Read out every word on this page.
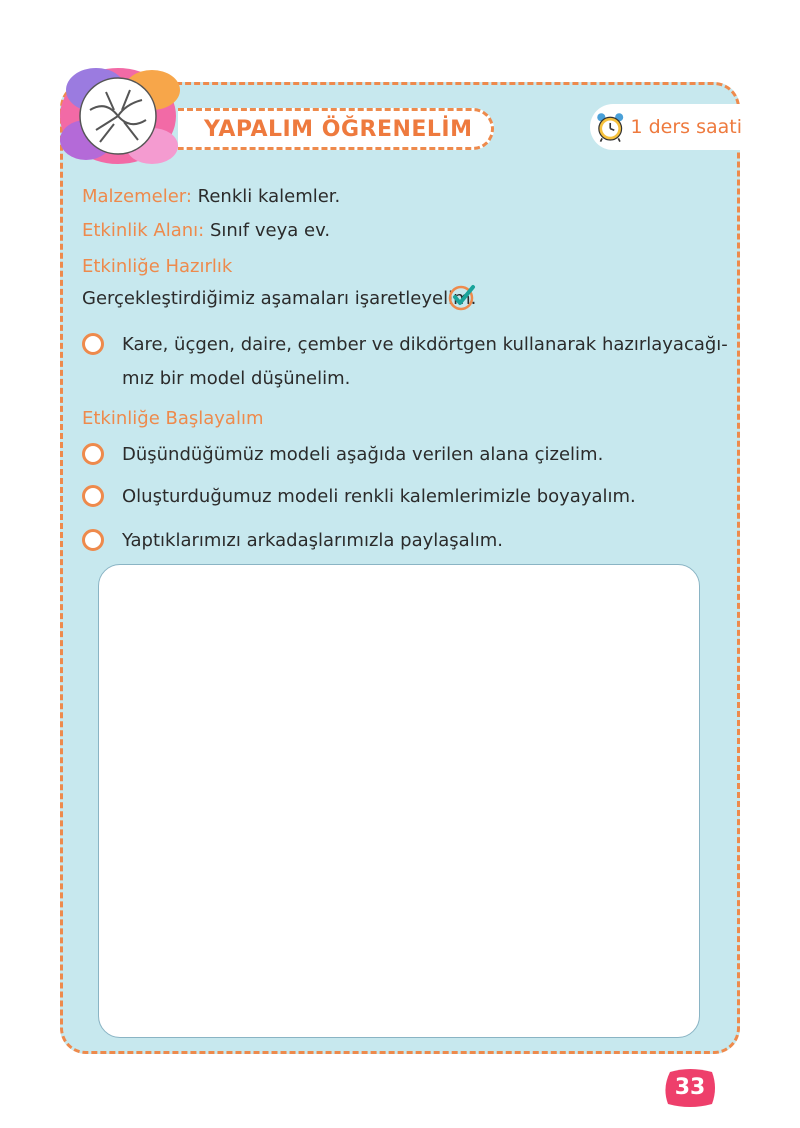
YAPALIM ÖĞRENELİM	1 ders saati
Malzemeler: Renkli kalemler.
Etkinlik Alanı: Sınıf veya ev.
Etkinliğe Hazırlık
Gerçekleştirdiğimiz aşamaları işaretleyelim.
Kare, üçgen, daire, çember ve dikdörtgen kullanarak hazırlayacağı-
mız bir model düşünelim.
Etkinliğe Başlayalım
Düşündüğümüz modeli aşağıda verilen alana çizelim.
Oluşturduğumuz modeli renkli kalemlerimizle boyayalım.
Yaptıklarımızı arkadaşlarımızla paylaşalım.
33
